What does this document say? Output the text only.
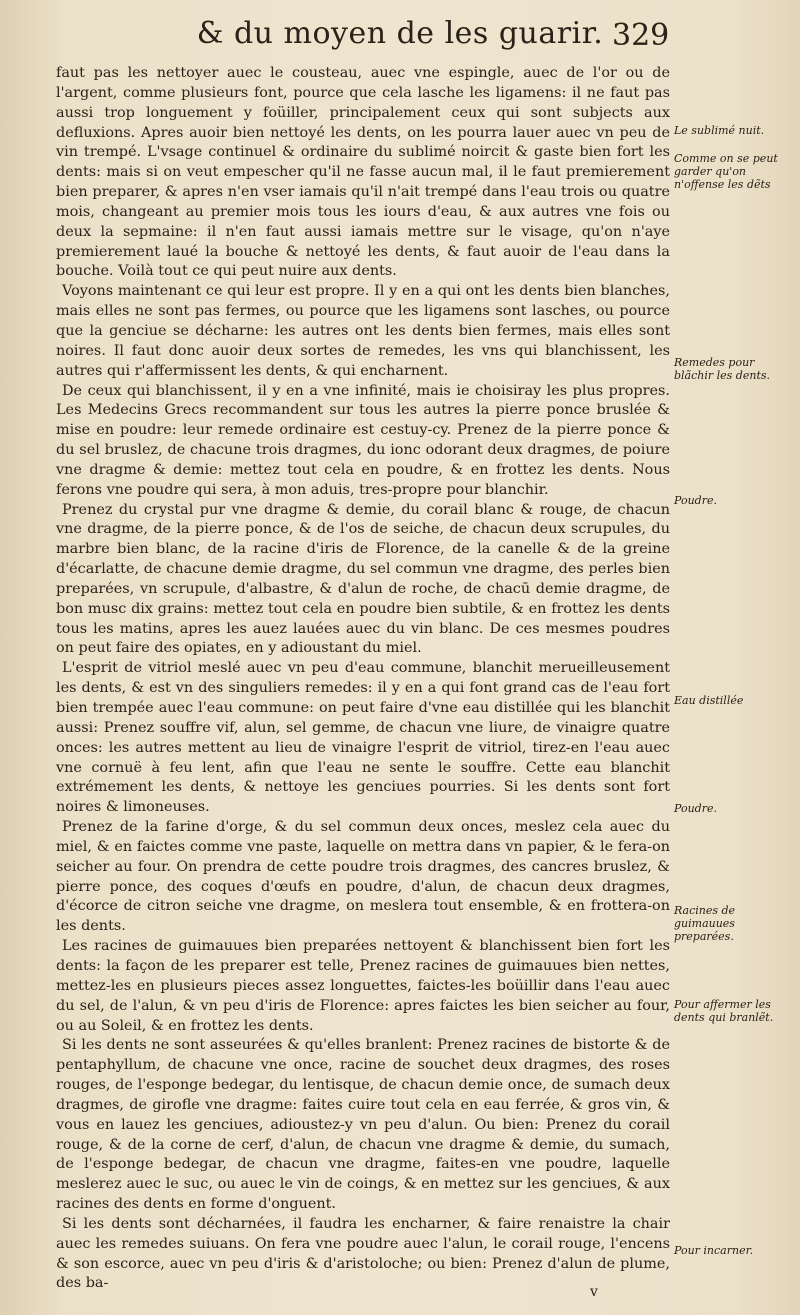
& du moyen de les guarir. 329

faut pas les nettoyer auec le cousteau, auec vne espingle, auec de l'or ou de l'argent, comme plusieurs font, pource que cela lasche les ligamens: il ne faut pas aussi trop longuement y foüiller, principalement ceux qui sont subjects aux defluxions. Apres auoir bien nettoyé les dents, on les pourra lauer auec vn peu de vin trempé. L'vsage continuel & ordinaire du sublimé noircit & gaste bien fort les dents: mais si on veut empescher qu'il ne fasse aucun mal, il le faut premierement bien preparer, & apres n'en vser iamais qu'il n'ait trempé dans l'eau trois ou quatre mois, changeant au premier mois tous les iours d'eau, & aux autres vne fois ou deux la sepmaine: il n'en faut aussi iamais mettre sur le visage, qu'on n'aye premierement laué la bouche & nettoyé les dents, & faut auoir de l'eau dans la bouche. Voilà tout ce qui peut nuire aux dents.

Voyons maintenant ce qui leur est propre. Il y en a qui ont les dents bien blanches, mais elles ne sont pas fermes, ou pource que les ligamens sont lasches, ou pource que la genciue se décharne: les autres ont les dents bien fermes, mais elles sont noires. Il faut donc auoir deux sortes de remedes, les vns qui blanchissent, les autres qui r'affermissent les dents, & qui encharnent.

De ceux qui blanchissent, il y en a vne infinité, mais ie choisiray les plus propres. Les Medecins Grecs recommandent sur tous les autres la pierre ponce bruslée & mise en poudre: leur remede ordinaire est cestuy-cy. Prenez de la pierre ponce & du sel bruslez, de chacune trois dragmes, du ionc odorant deux dragmes, de poiure vne dragme & demie: mettez tout cela en poudre, & en frottez les dents. Nous ferons vne poudre qui sera, à mon aduis, tres-propre pour blanchir.

Prenez du crystal pur vne dragme & demie, du corail blanc & rouge, de chacun vne dragme, de la pierre ponce, & de l'os de seiche, de chacun deux scrupules, du marbre bien blanc, de la racine d'iris de Florence, de la canelle & de la greine d'écarlatte, de chacune demie dragme, du sel commun vne dragme, des perles bien preparées, vn scrupule, d'albastre, & d'alun de roche, de chacū demie dragme, de bon musc dix grains: mettez tout cela en poudre bien subtile, & en frottez les dents tous les matins, apres les auez lauées auec du vin blanc. De ces mesmes poudres on peut faire des opiates, en y adioustant du miel.

L'esprit de vitriol meslé auec vn peu d'eau commune, blanchit merueilleusement les dents, & est vn des singuliers remedes: il y en a qui font grand cas de l'eau fort bien trempée auec l'eau commune: on peut faire d'vne eau distillée qui les blanchit aussi: Prenez souffre vif, alun, sel gemme, de chacun vne liure, de vinaigre quatre onces: les autres mettent au lieu de vinaigre l'esprit de vitriol, tirez-en l'eau auec vne cornuë à feu lent, afin que l'eau ne sente le souffre. Cette eau blanchit extrémement les dents, & nettoye les genciues pourries. Si les dents sont fort noires & limoneuses.

Prenez de la farine d'orge, & du sel commun deux onces, meslez cela auec du miel, & en faictes comme vne paste, laquelle on mettra dans vn papier, & le fera-on seicher au four. On prendra de cette poudre trois dragmes, des cancres bruslez, & pierre ponce, des coques d'œufs en poudre, d'alun, de chacun deux dragmes, d'écorce de citron seiche vne dragme, on meslera tout ensemble, & en frottera-on les dents.

Les racines de guimauues bien preparées nettoyent & blanchissent bien fort les dents: la façon de les preparer est telle, Prenez racines de guimauues bien nettes, mettez-les en plusieurs pieces assez longuettes, faictes-les boüillir dans l'eau auec du sel, de l'alun, & vn peu d'iris de Florence: apres faictes les bien seicher au four, ou au Soleil, & en frottez les dents.

Si les dents ne sont asseurées & qu'elles branlent: Prenez racines de bistorte & de pentaphyllum, de chacune vne once, racine de souchet deux dragmes, des roses rouges, de l'esponge bedegar, du lentisque, de chacun demie once, de sumach deux dragmes, de girofle vne dragme: faites cuire tout cela en eau ferrée, & gros vin, & vous en lauez les genciues, adioustez-y vn peu d'alun. Ou bien: Prenez du corail rouge, & de la corne de cerf, d'alun, de chacun vne dragme & demie, du sumach, de l'esponge bedegar, de chacun vne dragme, faites-en vne poudre, laquelle meslerez auec le suc, ou auec le vin de coings, & en mettez sur les genciues, & aux racines des dents en forme d'onguent.

Si les dents sont décharnées, il faudra les encharner, & faire renaistre la chair auec les remedes suiuans. On fera vne poudre auec l'alun, le corail rouge, l'encens & son escorce, auec vn peu d'iris & d'aristoloche; ou bien: Prenez d'alun de plume, des ba-

Le sublimé nuit.
Comme on se peut garder qu'on n'offense les dẽts
Remedes pour blãchir les dents.
Poudre.
Eau distillée
Poudre.
Racines de guimauues preparées.
Pour affermer les dents qui branlẽt.
Pour incarner.
v
